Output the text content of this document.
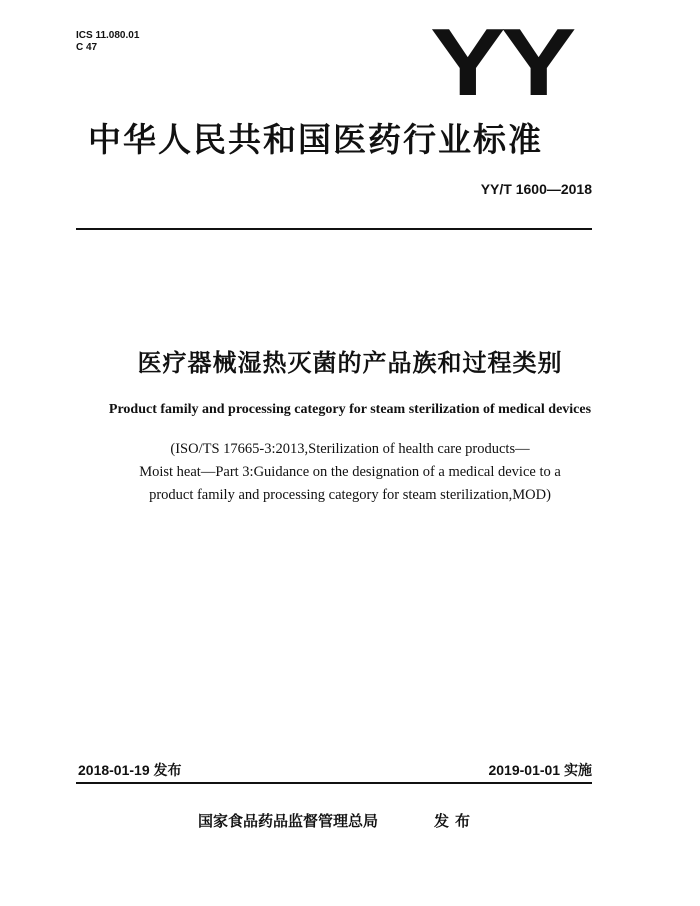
ICS 11.080.01
C 47	YY
中华人民共和国医药行业标准
YY/T 1600—2018
医疗器械湿热灭菌的产品族和过程类别
Product family and processing category for steam sterilization of medical devices
(ISO/TS 17665-3:2013,Sterilization of health care products—
Moist heat—Part 3:Guidance on the designation of a medical device to a
product family and processing category for steam sterilization,MOD)
2018-01-19 发布	2019-01-01 实施
国家食品药品监督管理总局	发布
